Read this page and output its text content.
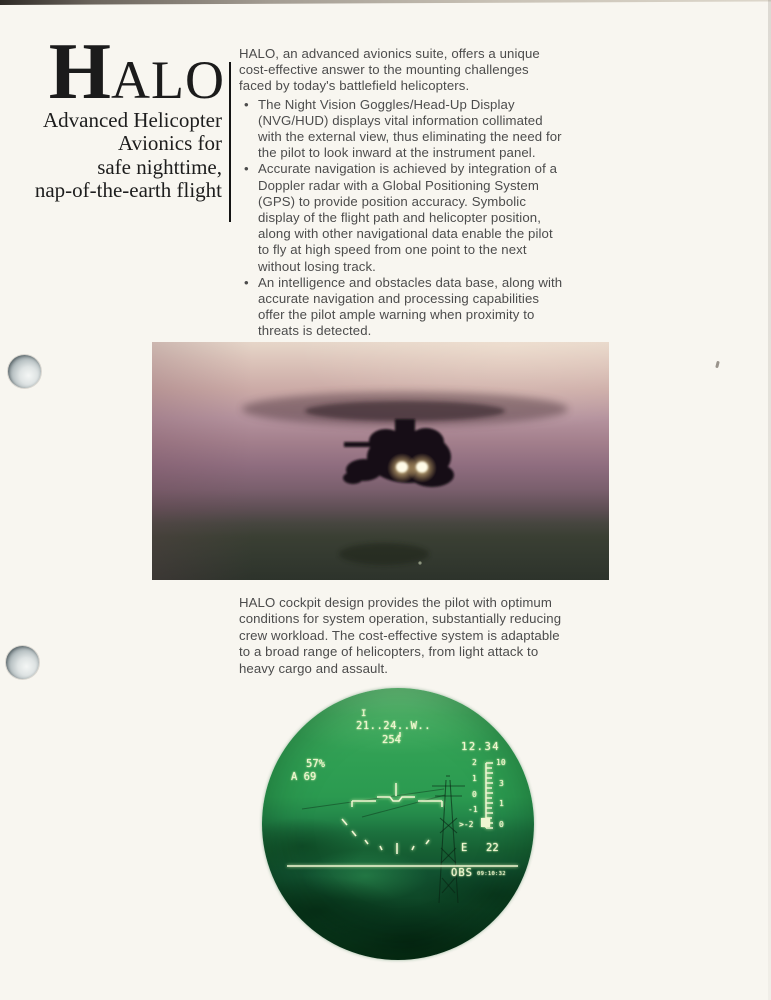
HALO
Advanced Helicopter
Avionics for
safe nighttime,
nap-of-the-earth flight

HALO, an advanced avionics suite, offers a unique cost-effective answer to the mounting challenges faced by today's battlefield helicopters.

• The Night Vision Goggles/Head-Up Display (NVG/HUD) displays vital information collimated with the external view, thus eliminating the need for the pilot to look inward at the instrument panel.
• Accurate navigation is achieved by integration of a Doppler radar with a Global Positioning System (GPS) to provide position accuracy. Symbolic display of the flight path and helicopter position, along with other navigational data enable the pilot to fly at high speed from one point to the next without losing track.
• An intelligence and obstacles data base, along with accurate navigation and processing capabilities offer the pilot ample warning when proximity to threats is detected.
HALO cockpit design provides the pilot with optimum conditions for system operation, substantially reducing crew workload. The cost-effective system is adaptable to a broad range of helicopters, from light attack to heavy cargo and assault.
I
21..24..W..
254
12.34
57%
A 69
2
1
0
-1
>-2
10
3
1
0
E 22
OBS 09:10:32
